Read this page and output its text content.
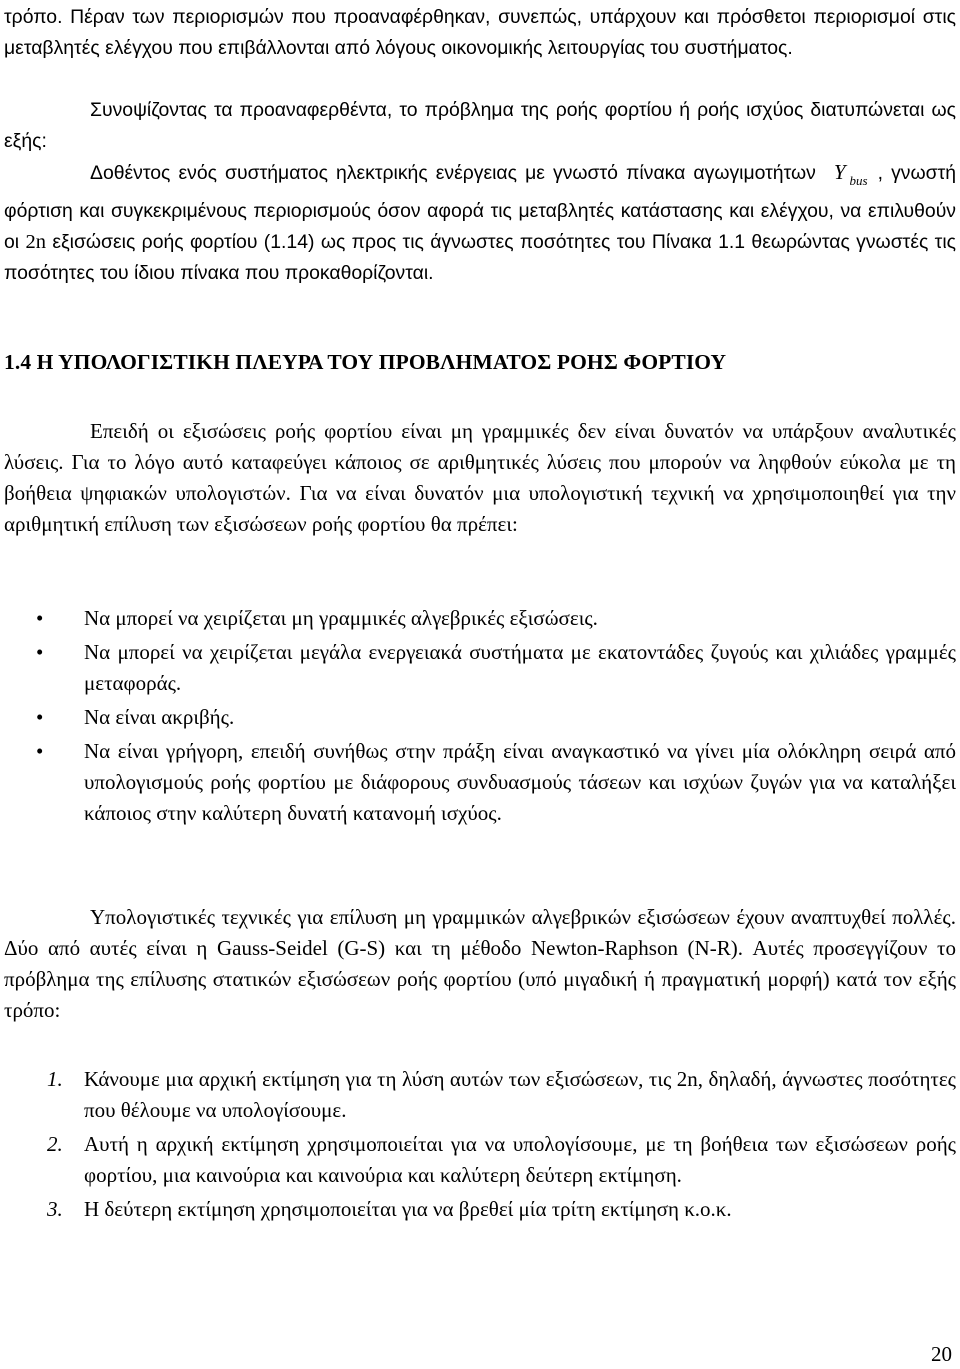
τρόπο. Πέραν των περιορισμών που προαναφέρθηκαν, συνεπώς, υπάρχουν και πρόσθετοι περιορισμοί στις μεταβλητές ελέγχου που επιβάλλονται από λόγους οικονομικής λειτουργίας του συστήματος.

Συνοψίζοντας τα προαναφερθέντα, το πρόβλημα της ροής φορτίου ή ροής ισχύος διατυπώνεται ως εξής:

Δοθέντος ενός συστήματος ηλεκτρικής ενέργειας με γνωστό πίνακα αγωγιμοτήτων Y $_{bus}$ , γνωστή φόρτιση και συγκεκριμένους περιορισμούς όσον αφορά τις μεταβλητές κατάστασης και ελέγχου, να επιλυθούν οι 2n εξισώσεις ροής φορτίου (1.14) ως προς τις άγνωστες ποσότητες του Πίνακα 1.1 θεωρώντας γνωστές τις ποσότητες του ίδιου πίνακα που προκαθορίζονται.

1.4 Η ΥΠΟΛΟΓΙΣΤΙΚΗ ΠΛΕΥΡΑ ΤΟΥ ΠΡΟΒΛΗΜΑΤΟΣ ΡΟΗΣ ΦΟΡΤΙΟΥ

Επειδή οι εξισώσεις ροής φορτίου είναι μη γραμμικές δεν είναι δυνατόν να υπάρξουν αναλυτικές λύσεις. Για το λόγο αυτό καταφεύγει κάποιος σε αριθμητικές λύσεις που μπορούν να ληφθούν εύκολα με τη βοήθεια ψηφιακών υπολογιστών. Για να είναι δυνατόν μια υπολογιστική τεχνική να χρησιμοποιηθεί για την αριθμητική επίλυση των εξισώσεων ροής φορτίου θα πρέπει:

• Να μπορεί να χειρίζεται μη γραμμικές αλγεβρικές εξισώσεις.
• Να μπορεί να χειρίζεται μεγάλα ενεργειακά συστήματα με εκατοντάδες ζυγούς και χιλιάδες γραμμές μεταφοράς.
• Να είναι ακριβής.
• Να είναι γρήγορη, επειδή συνήθως στην πράξη είναι αναγκαστικό να γίνει μία ολόκληρη σειρά από υπολογισμούς ροής φορτίου με διάφορους συνδυασμούς τάσεων και ισχύων ζυγών για να καταλήξει κάποιος στην καλύτερη δυνατή κατανομή ισχύος.

Υπολογιστικές τεχνικές για επίλυση μη γραμμικών αλγεβρικών εξισώσεων έχουν αναπτυχθεί πολλές. Δύο από αυτές είναι η Gauss-Seidel (G-S) και τη μέθοδο Newton-Raphson (N-R). Αυτές προσεγγίζουν το πρόβλημα της επίλυσης στατικών εξισώσεων ροής φορτίου (υπό μιγαδική ή πραγματική μορφή) κατά τον εξής τρόπο:

1. Κάνουμε μια αρχική εκτίμηση για τη λύση αυτών των εξισώσεων, τις 2n, δηλαδή, άγνωστες ποσότητες που θέλουμε να υπολογίσουμε.
2. Αυτή η αρχική εκτίμηση χρησιμοποιείται για να υπολογίσουμε, με τη βοήθεια των εξισώσεων ροής φορτίου, μια καινούρια και καινούρια και καλύτερη δεύτερη εκτίμηση.
3. Η δεύτερη εκτίμηση χρησιμοποιείται για να βρεθεί μία τρίτη εκτίμηση κ.ο.κ.
20
